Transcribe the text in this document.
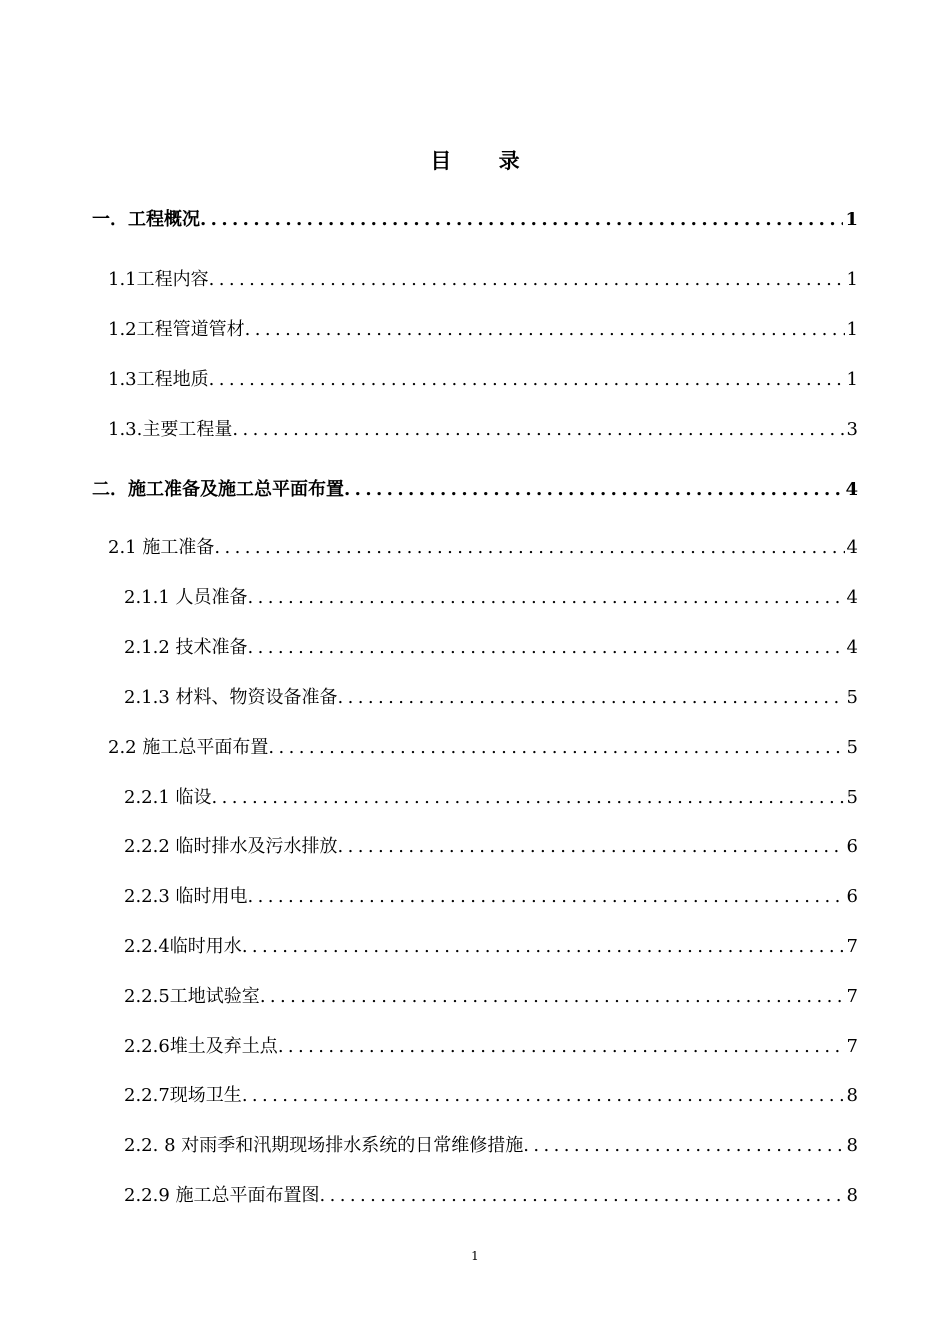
目 录
一．工程概况 .....	1
1.1工程内容 .....	1
1.2工程管道管材 .....	1
1.3工程地质 .....	1
1.3.主要工程量 .....	3
二．施工准备及施工总平面布置 .....	4
2.1 施工准备 .....	4
2.1.1 人员准备 .....	4
2.1.2 技术准备 .....	4
2.1.3 材料、物资设备准备 .....	5
2.2 施工总平面布置 .....	5
2.2.1 临设 .....	5
2.2.2 临时排水及污水排放 .....	6
2.2.3 临时用电 .....	6
2.2.4临时用水 .....	7
2.2.5工地试验室 .....	7
2.2.6堆土及弃土点 .....	7
2.2.7现场卫生 .....	8
2.2. 8 对雨季和汛期现场排水系统的日常维修措施 .....	8
2.2.9 施工总平面布置图 .....	8
1
